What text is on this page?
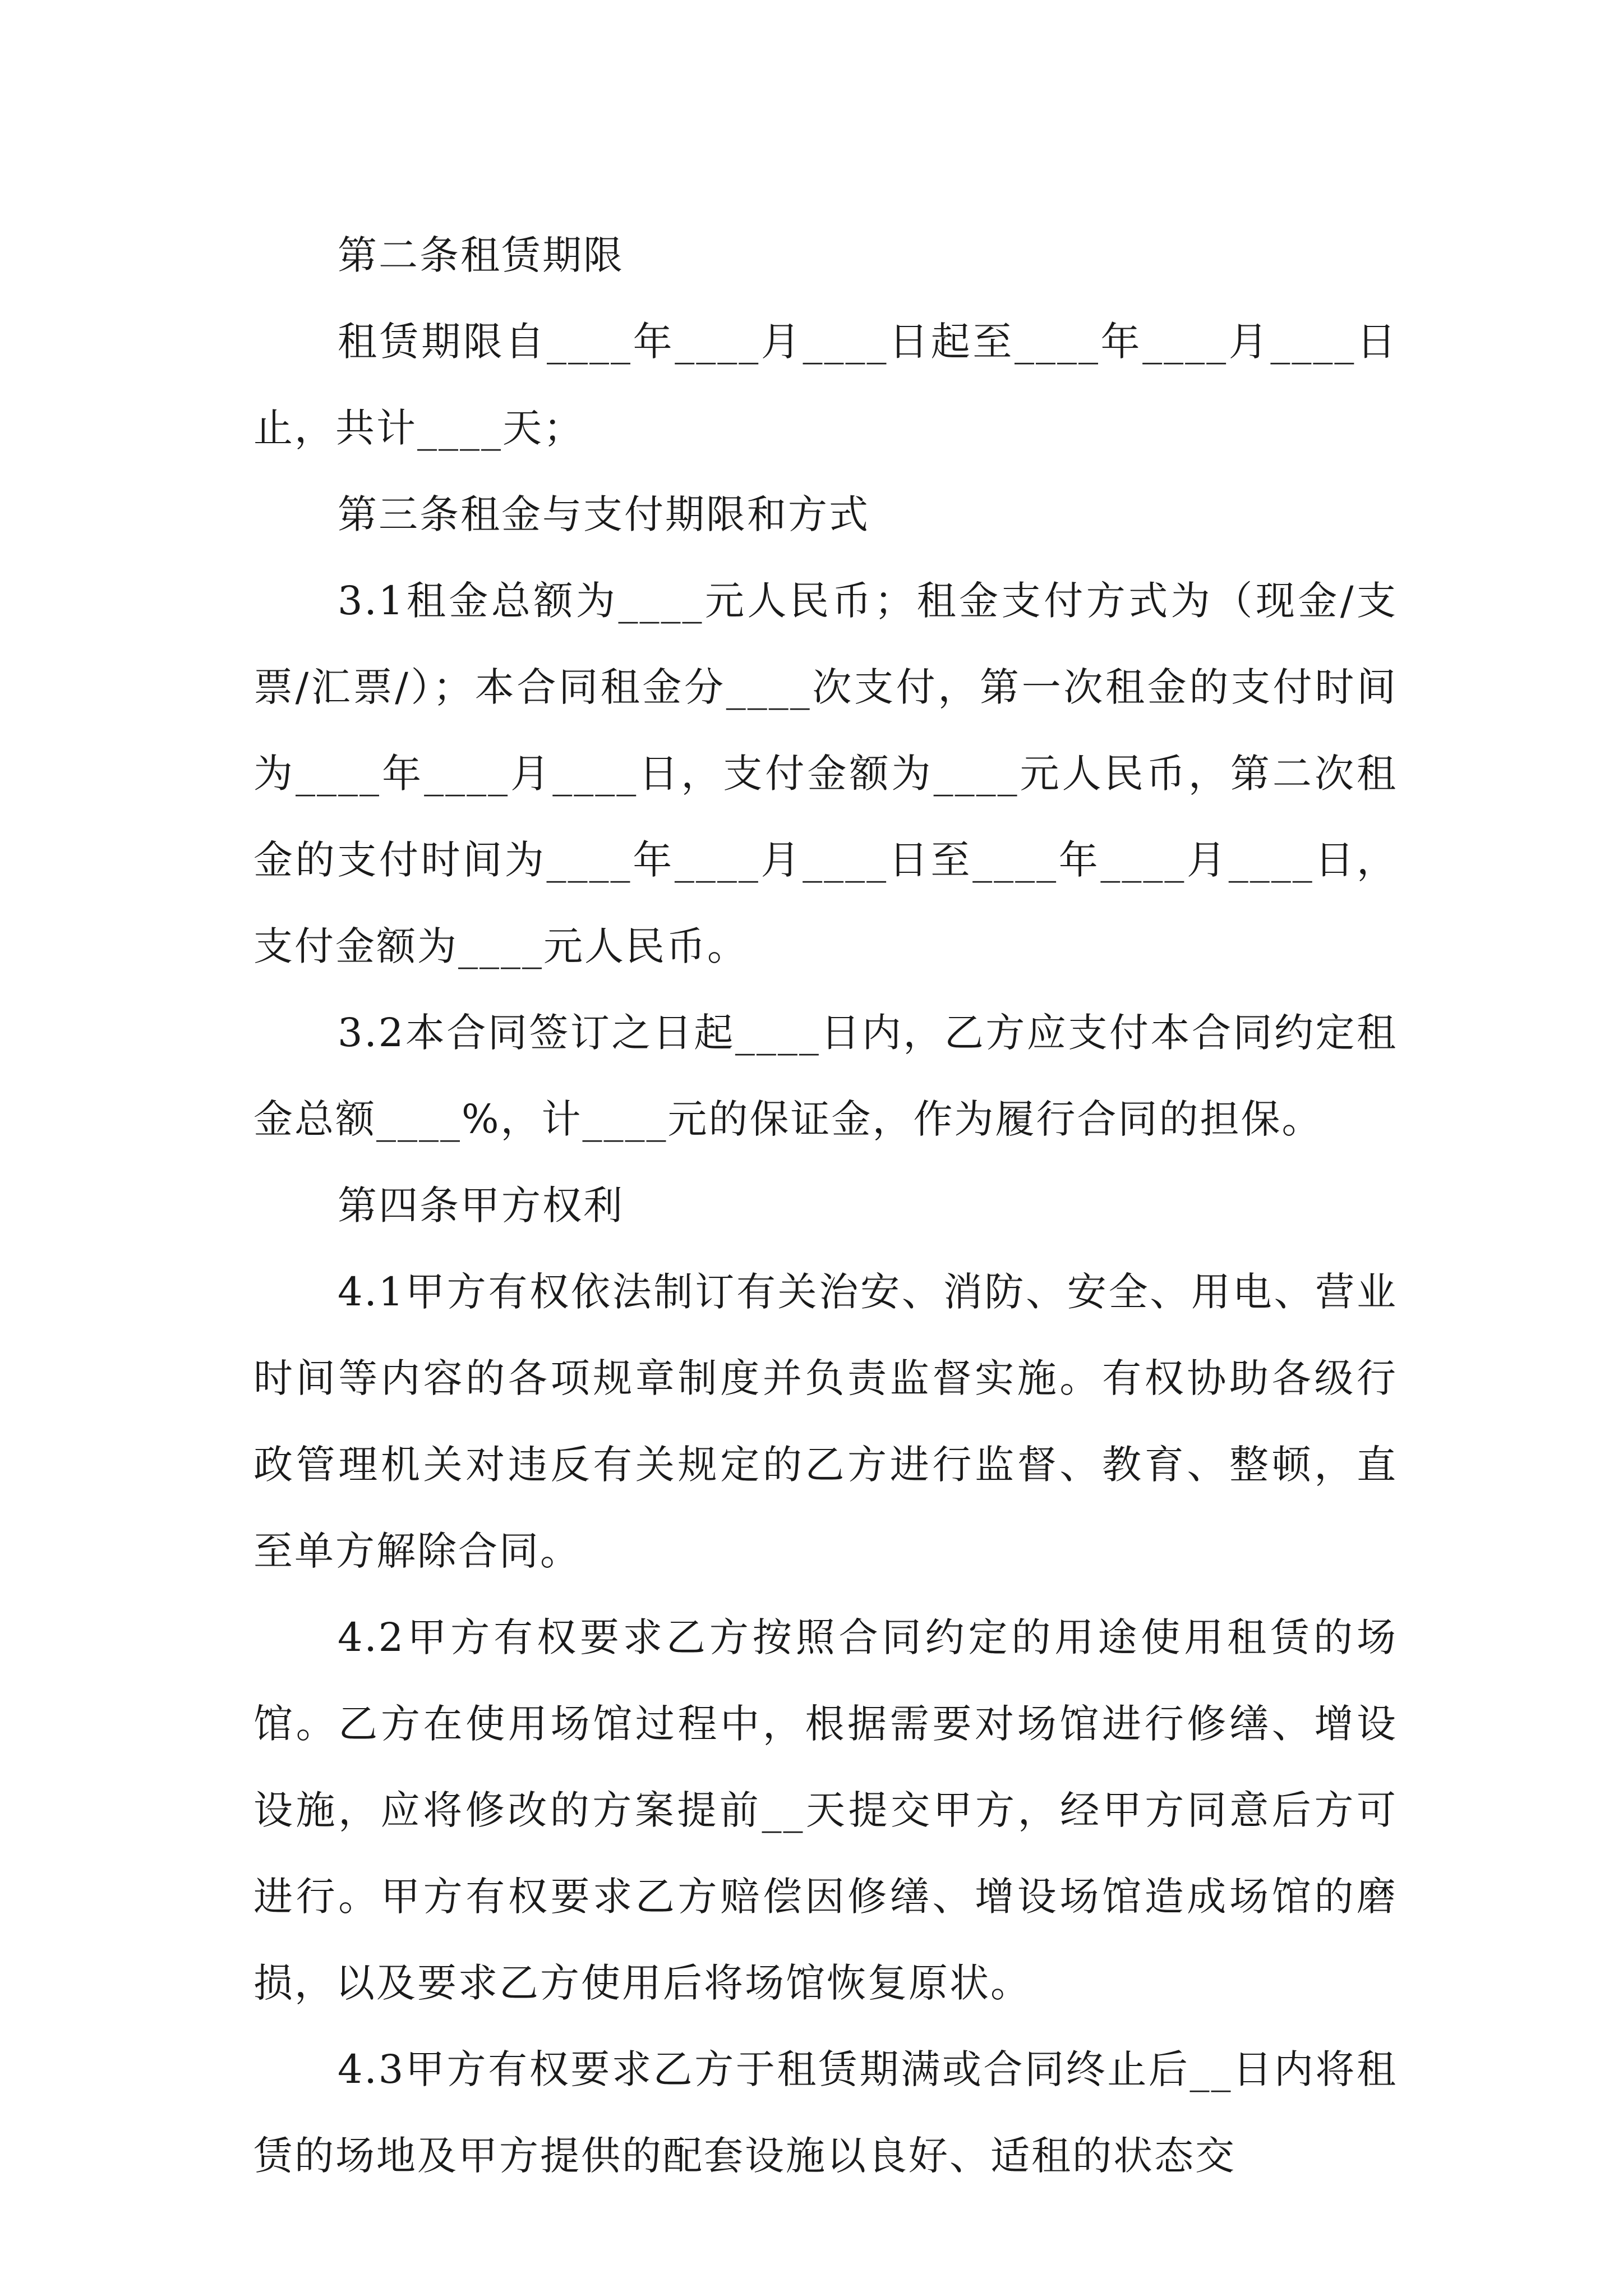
第二条租赁期限

租赁期限自____年____月____日起至____年____月____日止，共计____天；

第三条租金与支付期限和方式

3.1租金总额为____元人民币；租金支付方式为（现金/支票/汇票/）；本合同租金分____次支付，第一次租金的支付时间为____年____月____日，支付金额为____元人民币，第二次租金的支付时间为____年____月____日至____年____月____日，支付金额为____元人民币。

3.2本合同签订之日起____日内，乙方应支付本合同约定租金总额____%，计____元的保证金，作为履行合同的担保。

第四条甲方权利

4.1甲方有权依法制订有关治安、消防、安全、用电、营业时间等内容的各项规章制度并负责监督实施。有权协助各级行政管理机关对违反有关规定的乙方进行监督、教育、整顿，直至单方解除合同。

4.2甲方有权要求乙方按照合同约定的用途使用租赁的场馆。乙方在使用场馆过程中，根据需要对场馆进行修缮、增设设施，应将修改的方案提前__天提交甲方，经甲方同意后方可进行。甲方有权要求乙方赔偿因修缮、增设场馆造成场馆的磨损，以及要求乙方使用后将场馆恢复原状。

4.3甲方有权要求乙方于租赁期满或合同终止后__日内将租赁的场地及甲方提供的配套设施以良好、适租的状态交
